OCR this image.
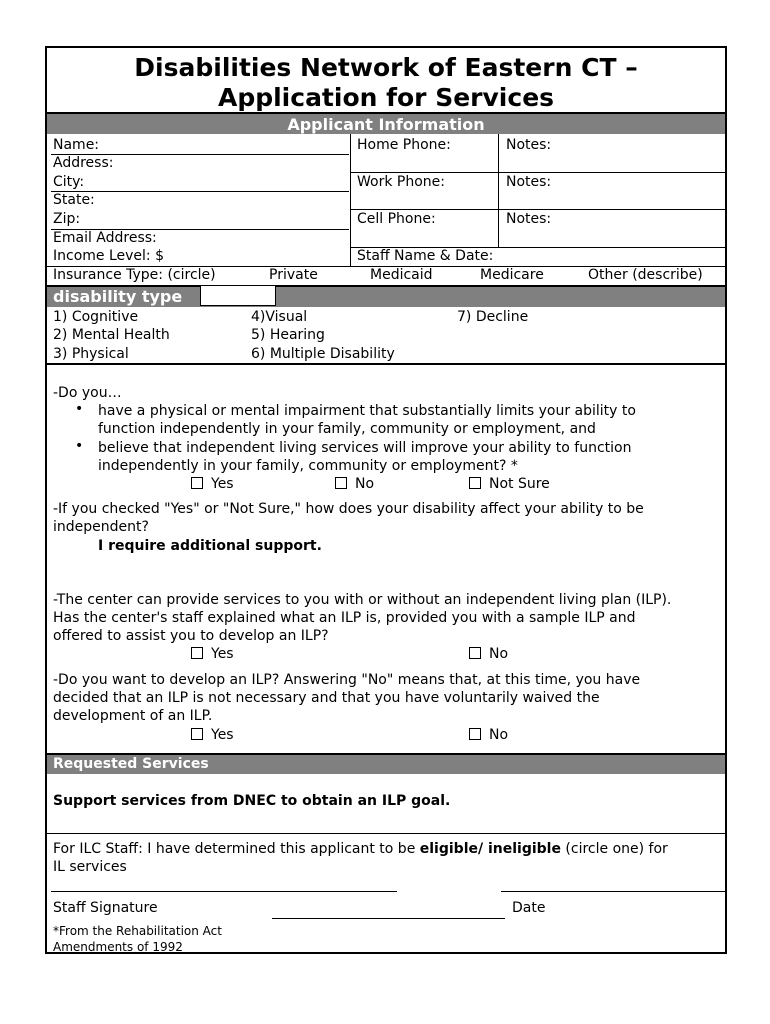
Disabilities Network of Eastern CT –
Application for Services
Applicant Information
Name:
Address:
City:
State:
Zip:
Email Address:
Income Level: $
Home Phone:	Notes:
Work Phone:	Notes:
Cell Phone:	Notes:
Staff Name & Date:
Insurance Type: (circle)	Private	Medicaid	Medicare	Other (describe)
disability type
1) Cognitive
2) Mental Health
3) Physical
4)Visual
5) Hearing
6) Multiple Disability
7) Decline
-Do you…
• have a physical or mental impairment that substantially limits your ability to
function independently in your family, community or employment, and
• believe that independent living services will improve your ability to function
independently in your family, community or employment? *
Yes	No	Not Sure
-If you checked "Yes" or "Not Sure," how does your disability affect your ability to be
independent?
I require additional support.
-The center can provide services to you with or without an independent living plan (ILP).
Has the center's staff explained what an ILP is, provided you with a sample ILP and
offered to assist you to develop an ILP?
Yes	No
-Do you want to develop an ILP? Answering "No" means that, at this time, you have
decided that an ILP is not necessary and that you have voluntarily waived the
development of an ILP.
Yes	No
Requested Services
Support services from DNEC to obtain an ILP goal.
For ILC Staff: I have determined this applicant to be eligible/ ineligible (circle one) for
IL services
Staff Signature	Date
*From the Rehabilitation Act
Amendments of 1992
